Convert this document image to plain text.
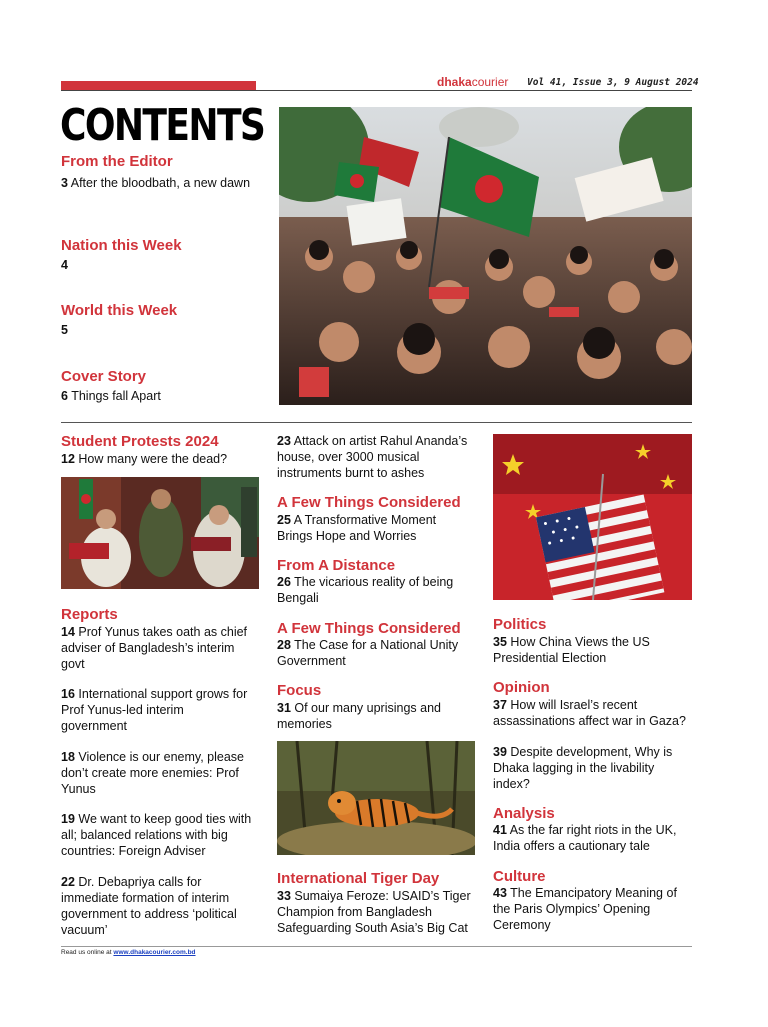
dhakacourier Vol 41, Issue 3, 9 August 2024
CONTENTS
From the Editor
3 After the bloodbath, a new dawn
Nation this Week
4
World this Week
5
Cover Story
6 Things fall Apart
Student Protests 2024
12 How many were the dead?
Reports
14 Prof Yunus takes oath as chief adviser of Bangladesh’s interim govt
16 International support grows for Prof Yunus-led interim government
18 Violence is our enemy, please don’t create more enemies: Prof Yunus
19 We want to keep good ties with all; balanced relations with big countries: Foreign Adviser
22 Dr. Debapriya calls for immediate formation of interim government to address ‘political vacuum’
23 Attack on artist Rahul Ananda’s house, over 3000 musical instruments burnt to ashes
A Few Things Considered
25 A Transformative Moment Brings Hope and Worries
From A Distance
26 The vicarious reality of being Bengali
A Few Things Considered
28 The Case for a National Unity Government
Focus
31 Of our many uprisings and memories
International Tiger Day
33 Sumaiya Feroze: USAID’s Tiger Champion from Bangladesh Safeguarding South Asia’s Big Cat
Politics
35 How China Views the US Presidential Election
Opinion
37 How will Israel’s recent assassinations affect war in Gaza?
39 Despite development, Why is Dhaka lagging in the livability index?
Analysis
41 As the far right riots in the UK, India offers a cautionary tale
Culture
43 The Emancipatory Meaning of the Paris Olympics’ Opening Ceremony
Read us online at www.dhakacourier.com.bd
